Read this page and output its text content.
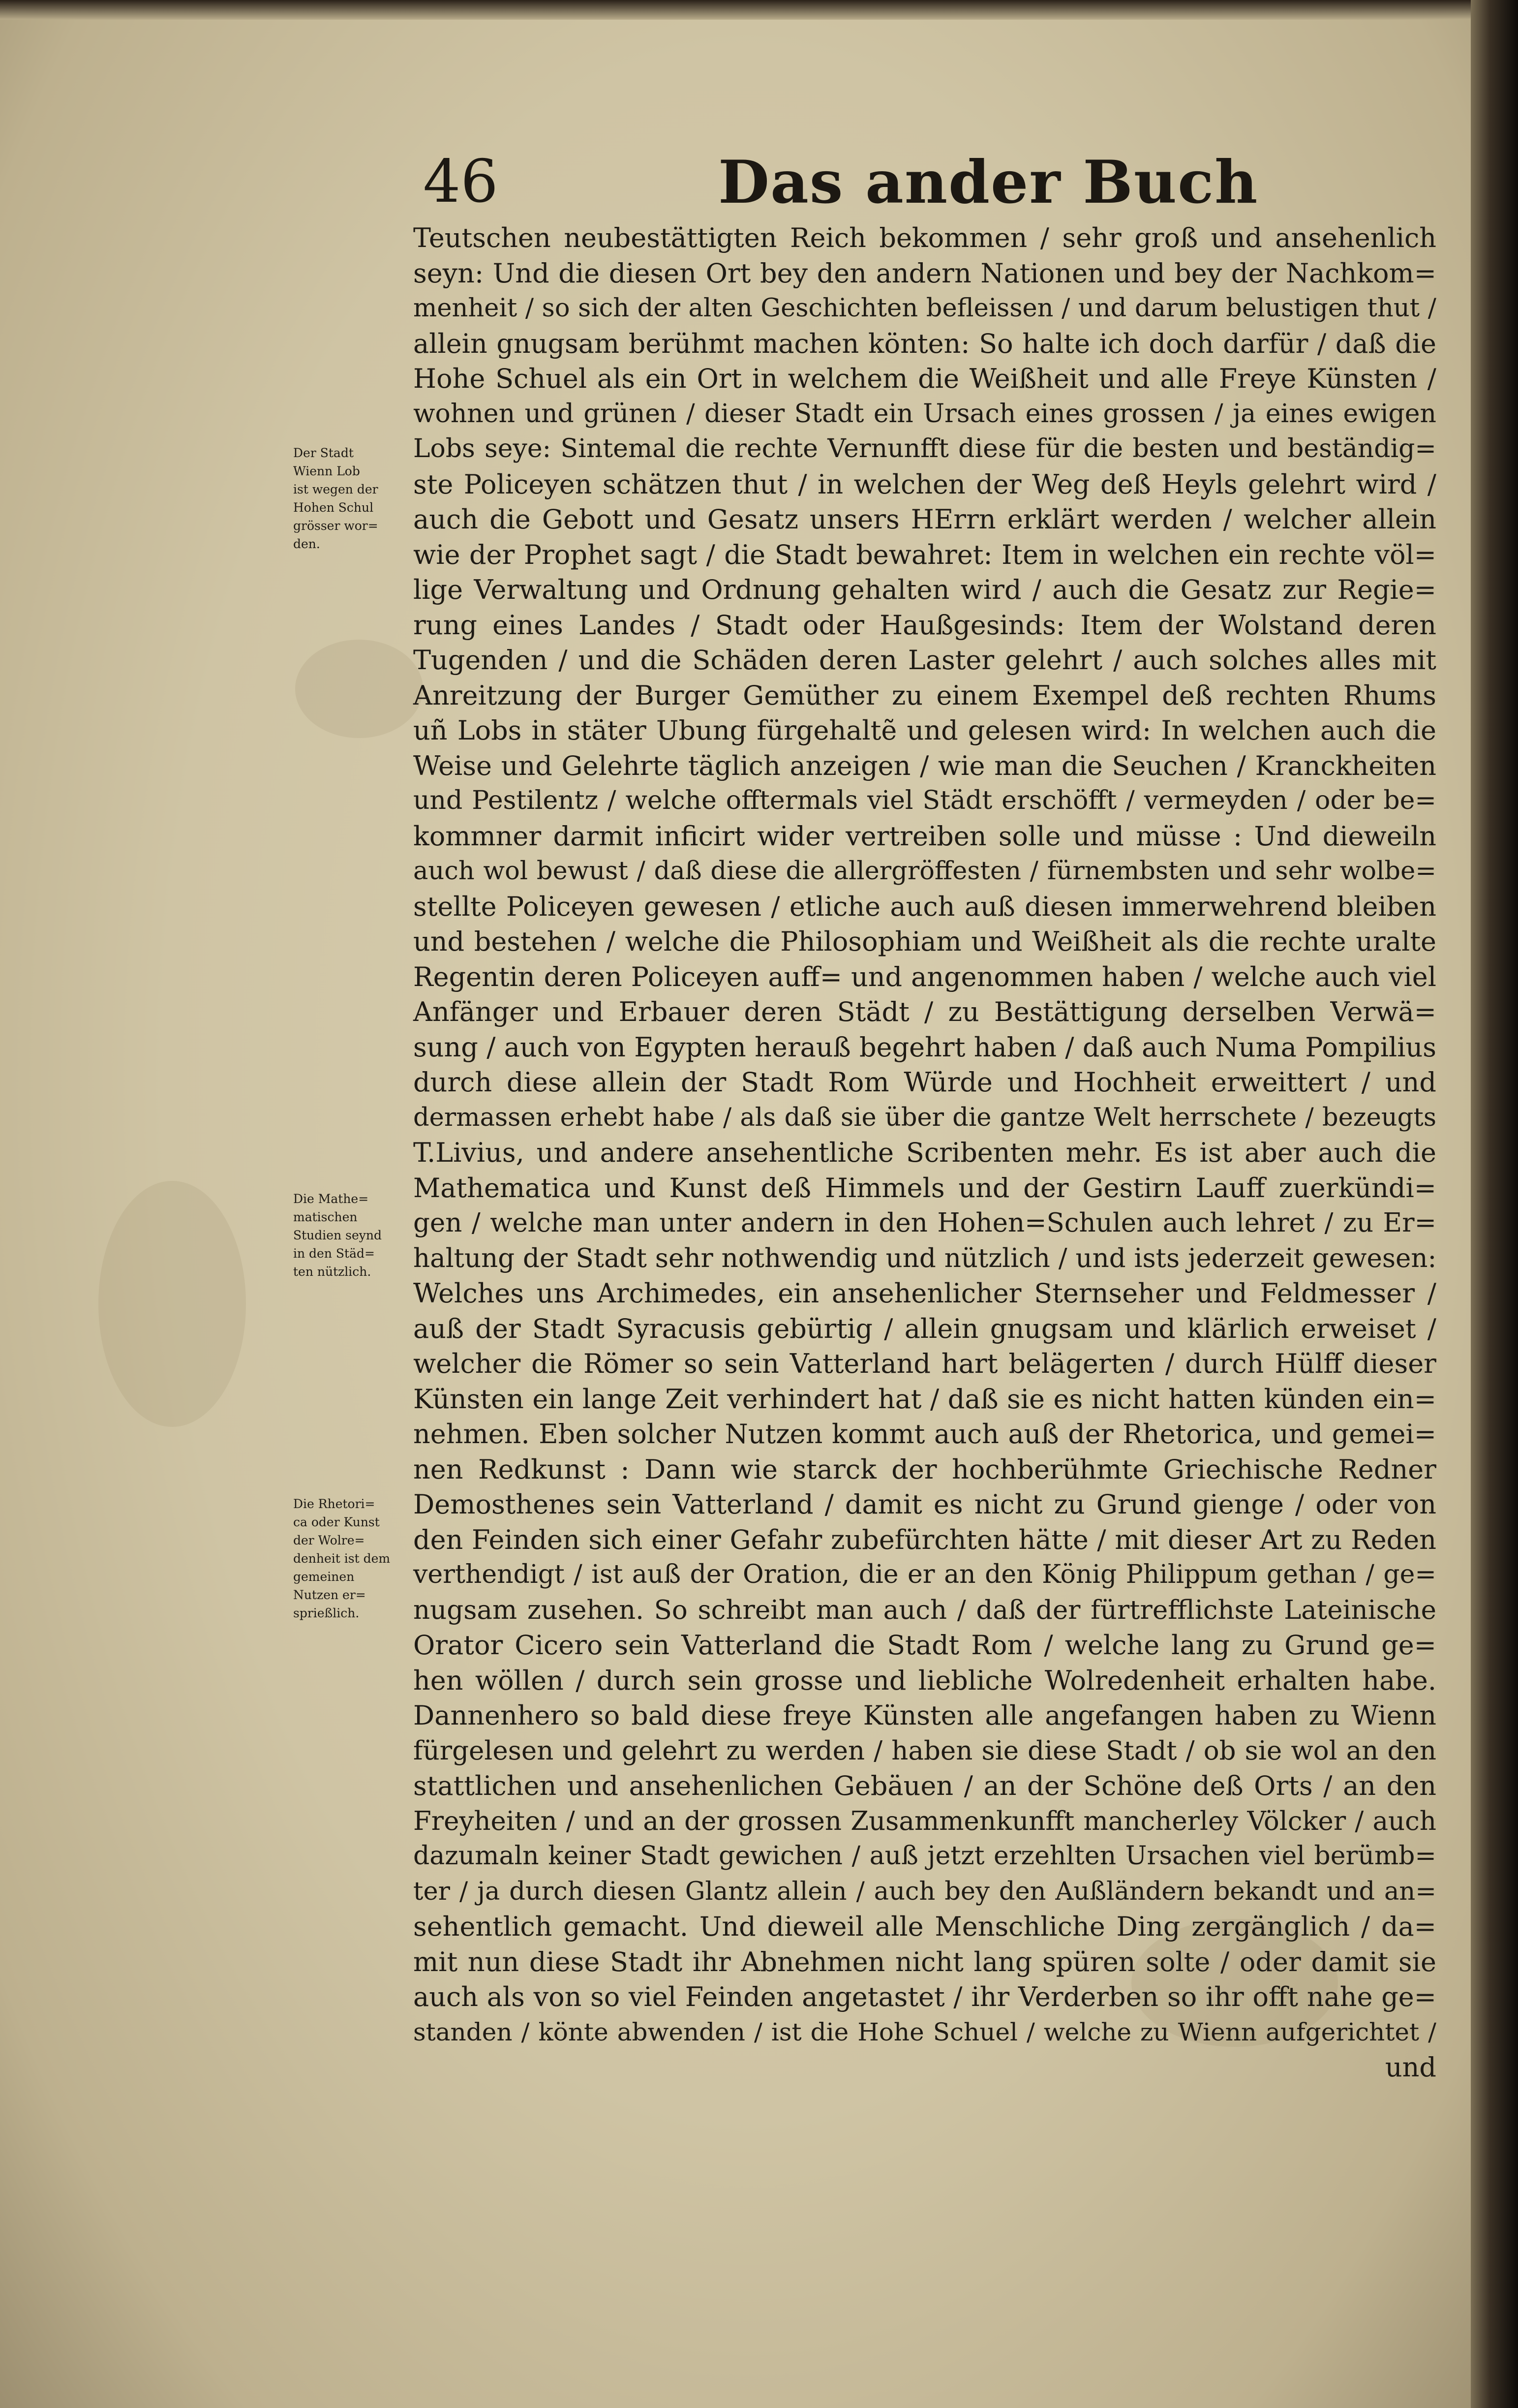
46	Das ander Buch
Der Stadt
Wienn Lob
ist wegen der
Hohen Schul
grösser wor=
den.
Die Mathe=
matischen
Studien seynd
in den Städ=
ten nützlich.
Die Rhetori=
ca oder Kunst
der Wolre=
denheit ist dem
gemeinen
Nutzen er=
sprießlich.
Teutschen neubestättigten Reich bekommen / sehr groß und ansehenlich
seyn: Und die diesen Ort bey den andern Nationen und bey der Nachkom=
menheit / so sich der alten Geschichten befleissen / und darum belustigen thut /
allein gnugsam berühmt machen könten: So halte ich doch darfür / daß die
Hohe Schuel als ein Ort in welchem die Weißheit und alle Freye Künsten /
wohnen und grünen / dieser Stadt ein Ursach eines grossen / ja eines ewigen
Lobs seye: Sintemal die rechte Vernunfft diese für die besten und beständig=
ste Policeyen schätzen thut / in welchen der Weg deß Heyls gelehrt wird /
auch die Gebott und Gesatz unsers HErrn erklärt werden / welcher allein
wie der Prophet sagt / die Stadt bewahret: Item in welchen ein rechte völ=
lige Verwaltung und Ordnung gehalten wird / auch die Gesatz zur Regie=
rung eines Landes / Stadt oder Haußgesinds: Item der Wolstand deren
Tugenden / und die Schäden deren Laster gelehrt / auch solches alles mit
Anreitzung der Burger Gemüther zu einem Exempel deß rechten Rhums
uñ Lobs in stäter Ubung fürgehaltẽ und gelesen wird: In welchen auch die
Weise und Gelehrte täglich anzeigen / wie man die Seuchen / Kranckheiten
und Pestilentz / welche offtermals viel Städt erschöfft / vermeyden / oder be=
kommner darmit inficirt wider vertreiben solle und müsse : Und dieweiln
auch wol bewust / daß diese die allergröffesten / fürnembsten und sehr wolbe=
stellte Policeyen gewesen / etliche auch auß diesen immerwehrend bleiben
und bestehen / welche die Philosophiam und Weißheit als die rechte uralte
Regentin deren Policeyen auff= und angenommen haben / welche auch viel
Anfänger und Erbauer deren Städt / zu Bestättigung derselben Verwä=
sung / auch von Egypten herauß begehrt haben / daß auch Numa Pompilius
durch diese allein der Stadt Rom Würde und Hochheit erweittert / und
dermassen erhebt habe / als daß sie über die gantze Welt herrschete / bezeugts
T.Livius, und andere ansehentliche Scribenten mehr. Es ist aber auch die
Mathematica und Kunst deß Himmels und der Gestirn Lauff zuerkündi=
gen / welche man unter andern in den Hohen=Schulen auch lehret / zu Er=
haltung der Stadt sehr nothwendig und nützlich / und ists jederzeit gewesen:
Welches uns Archimedes, ein ansehenlicher Sternseher und Feldmesser /
auß der Stadt Syracusis gebürtig / allein gnugsam und klärlich erweiset /
welcher die Römer so sein Vatterland hart belägerten / durch Hülff dieser
Künsten ein lange Zeit verhindert hat / daß sie es nicht hatten künden ein=
nehmen. Eben solcher Nutzen kommt auch auß der Rhetorica, und gemei=
nen Redkunst : Dann wie starck der hochberühmte Griechische Redner
Demosthenes sein Vatterland / damit es nicht zu Grund gienge / oder von
den Feinden sich einer Gefahr zubefürchten hätte / mit dieser Art zu Reden
verthendigt / ist auß der Oration, die er an den König Philippum gethan / ge=
nugsam zusehen. So schreibt man auch / daß der fürtrefflichste Lateinische
Orator Cicero sein Vatterland die Stadt Rom / welche lang zu Grund ge=
hen wöllen / durch sein grosse und liebliche Wolredenheit erhalten habe.
Dannenhero so bald diese freye Künsten alle angefangen haben zu Wienn
fürgelesen und gelehrt zu werden / haben sie diese Stadt / ob sie wol an den
stattlichen und ansehenlichen Gebäuen / an der Schöne deß Orts / an den
Freyheiten / und an der grossen Zusammenkunfft mancherley Völcker / auch
dazumaln keiner Stadt gewichen / auß jetzt erzehlten Ursachen viel berümb=
ter / ja durch diesen Glantz allein / auch bey den Außländern bekandt und an=
sehentlich gemacht. Und dieweil alle Menschliche Ding zergänglich / da=
mit nun diese Stadt ihr Abnehmen nicht lang spüren solte / oder damit sie
auch als von so viel Feinden angetastet / ihr Verderben so ihr offt nahe ge=
standen / könte abwenden / ist die Hohe Schuel / welche zu Wienn aufgerichtet /
und
